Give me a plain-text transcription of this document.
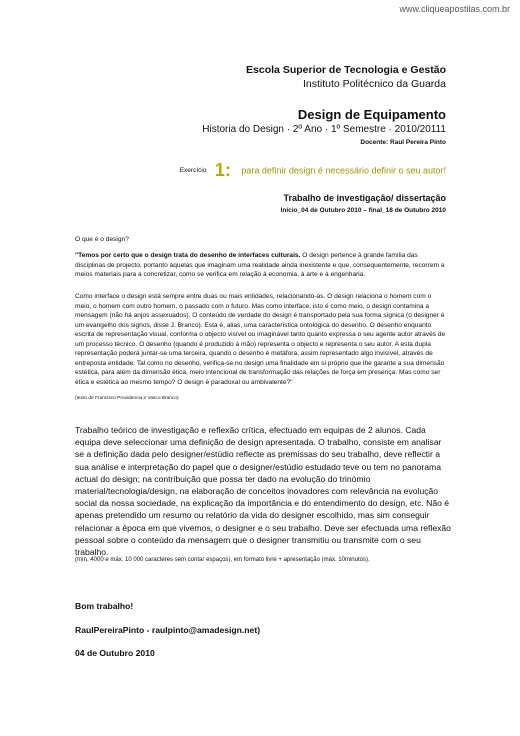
www.cliqueapostilas.com.br
Escola Superior de Tecnologia e Gestão
Instituto Politécnico da Guarda
Design de Equipamento
Historia do Design · 2º Ano · 1º Semestre · 2010/20111
Docente: Raul Pereira Pinto
Exercício 1: para definir design é necessário definir o seu autor!
Trabalho de investigação/ dissertação
Início_04 de Outubro 2010 – final_18 de Outubro 2010
O que é o design?
"Temos por certo que o design trata do desenho de interfaces culturais. O design pertence à grande família das disciplinas de projecto, portanto àquelas que imaginam uma realidade ainda inexistente e que, consequentemente, recorrem a meios materiais para a concretizar, como se verifica em relação à economia, à arte e à engenharia.
Como interface o design está sempre entre duas ou mais entidades, relacionando-as. O design relaciona o homem com o meio, o homem com outro homem, o passado com o futuro. Mas como interface, isto é como meio, o design contamina a mensagem (não há anjos assexuados). O conteúdo de verdade do design é transportado pela sua forma sígnica (o designer é um evangelho dos signos, disse J. Branco). Esta é, alias, uma característica ontológica do desenho. O desenho enquanto escrita de representação visual, conforma o objecto visível ou imaginável tanto quanto expressa o seu agente autor através de um processo técnico. O desenho (quando é produzido à mão) representa o objecto e representa o seu autor. A esta dupla representação poderá juntar-se uma terceira, quando o desenho é metáfora, assim representado algo invisível, através de entreposta entidade. Tal como no desenho, verifica-se no design uma finalidade em si próprio que lhe garante a sua dimensão estética, para além da dimensão ética, meio intencional de transformação das relações de força em presença. Mas como ser ética e estética ao mesmo tempo? O design é paradoxal ou ambivalente?"
(texto de Francisco Providencia e Vasco Branco)
Trabalho teórico de investigação e reflexão crítica, efectuado em equipas de 2 alunos. Cada equipa deve seleccionar uma definição de design apresentada. O trabalho, consiste em analisar se a definição dada pelo designer/estúdio reflecte as premissas do seu trabalho, deve reflectir a sua análise e interpretação do papel que o designer/estúdio estudado teve ou tem no panorama actual do design; na contribuição que possa ter dado na evolução do trinómio material/tecnologia/design, na elaboração de conceitos inovadores com relevância na evolução social da nossa sociedade, na explicação da importância e do entendimento do design, etc. Não é apenas pretendido um resumo ou relatório da vida do designer escolhido, mas sim conseguir relacionar a época em que vivemos, o designer e o seu trabalho. Deve ser efectuada uma reflexão pessoal sobre o conteúdo da mensagem que o designer transmitiu ou transmite com o seu trabalho.
(mín. 4000 e máx. 10 000 caracteres sem contar espaços), em formato livre + apresentação (máx. 10minutos).
Bom trabalho!
RaulPereiraPinto - raulpinto@amadesign.net)
04 de Outubro 2010
